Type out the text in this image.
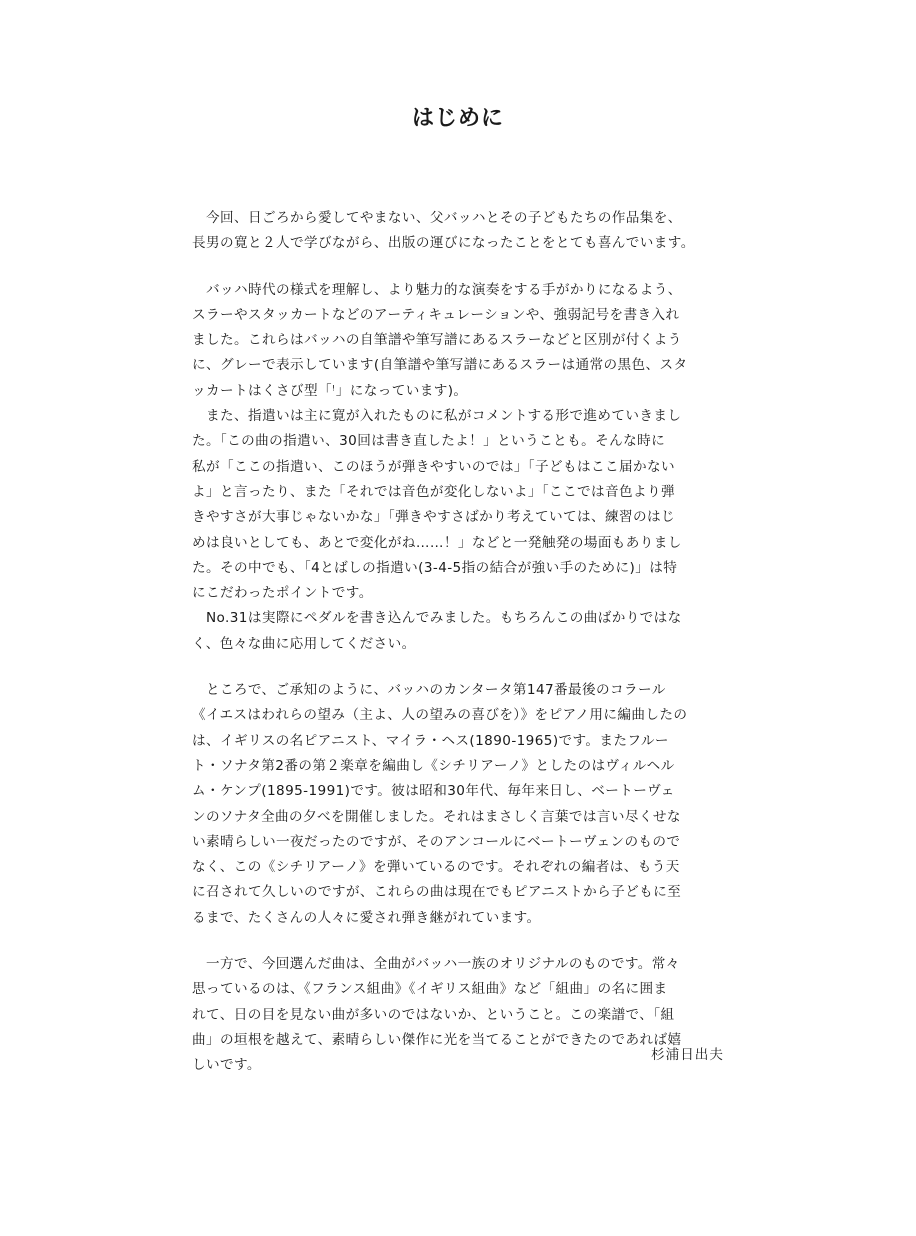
はじめに
　今回、日ごろから愛してやまない、父バッハとその子どもたちの作品集を、
長男の寛と２人で学びながら、出版の運びになったことをとても喜んでいます。
　バッハ時代の様式を理解し、より魅力的な演奏をする手がかりになるよう、
スラーやスタッカートなどのアーティキュレーションや、強弱記号を書き入れ
ました。これらはバッハの自筆譜や筆写譜にあるスラーなどと区別が付くよう
に、グレーで表示しています(自筆譜や筆写譜にあるスラーは通常の黒色、スタ
ッカートはくさび型「ꜝ」になっています)。
　また、指遣いは主に寛が入れたものに私がコメントする形で進めていきまし
た。「この曲の指遣い、30回は書き直したよ！」ということも。そんな時に
私が「ここの指遣い、このほうが弾きやすいのでは」「子どもはここ届かない
よ」と言ったり、また「それでは音色が変化しないよ」「ここでは音色より弾
きやすさが大事じゃないかな」「弾きやすさばかり考えていては、練習のはじ
めは良いとしても、あとで変化がね……！」などと一発触発の場面もありまし
た。その中でも、「4とばしの指遣い(3-4-5指の結合が強い手のために)」は特
にこだわったポイントです。
　No.31は実際にペダルを書き込んでみました。もちろんこの曲ばかりではな
く、色々な曲に応用してください。
　ところで、ご承知のように、バッハのカンタータ第147番最後のコラール
《イエスはわれらの望み（主よ、人の望みの喜びを）》をピアノ用に編曲したの
は、イギリスの名ピアニスト、マイラ・ヘス(1890-1965)です。またフルー
ト・ソナタ第2番の第２楽章を編曲し《シチリアーノ》としたのはヴィルヘル
ム・ケンプ(1895-1991)です。彼は昭和30年代、毎年来日し、ベートーヴェ
ンのソナタ全曲の夕べを開催しました。それはまさしく言葉では言い尽くせな
い素晴らしい一夜だったのですが、そのアンコールにベートーヴェンのもので
なく、この《シチリアーノ》を弾いているのです。それぞれの編者は、もう天
に召されて久しいのですが、これらの曲は現在でもピアニストから子どもに至
るまで、たくさんの人々に愛され弾き継がれています。
　一方で、今回選んだ曲は、全曲がバッハ一族のオリジナルのものです。常々
思っているのは、《フランス組曲》《イギリス組曲》など「組曲」の名に囲ま
れて、日の目を見ない曲が多いのではないか、ということ。この楽譜で、「組
曲」の垣根を越えて、素晴らしい傑作に光を当てることができたのであれば嬉
しいです。
杉浦日出夫
